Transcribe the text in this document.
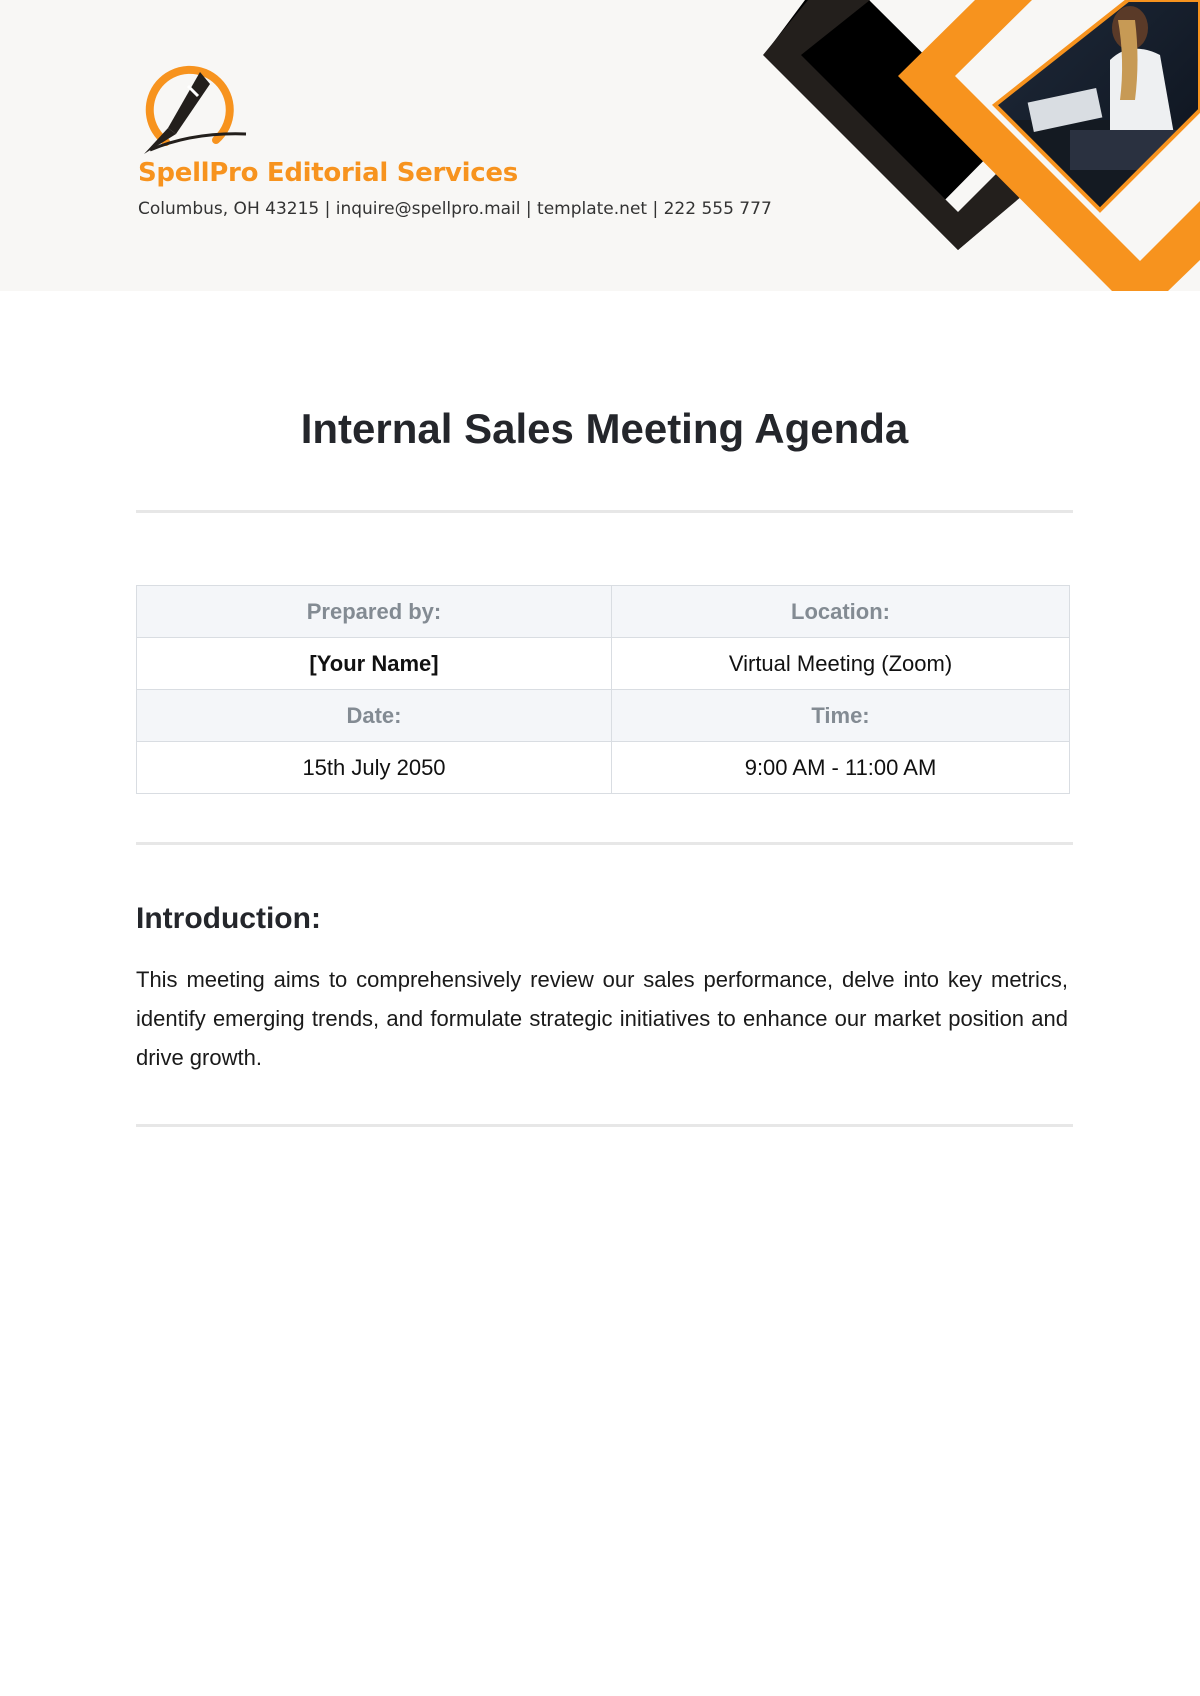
SpellPro Editorial Services
Columbus, OH 43215 | inquire@spellpro.mail | template.net | 222 555 777
Internal Sales Meeting Agenda
Prepared by:	Location:
[Your Name]	Virtual Meeting (Zoom)
Date:	Time:
15th July 2050	9:00 AM - 11:00 AM
Introduction:
This meeting aims to comprehensively review our sales performance, delve into key metrics, identify emerging trends, and formulate strategic initiatives to enhance our market position and drive growth.
